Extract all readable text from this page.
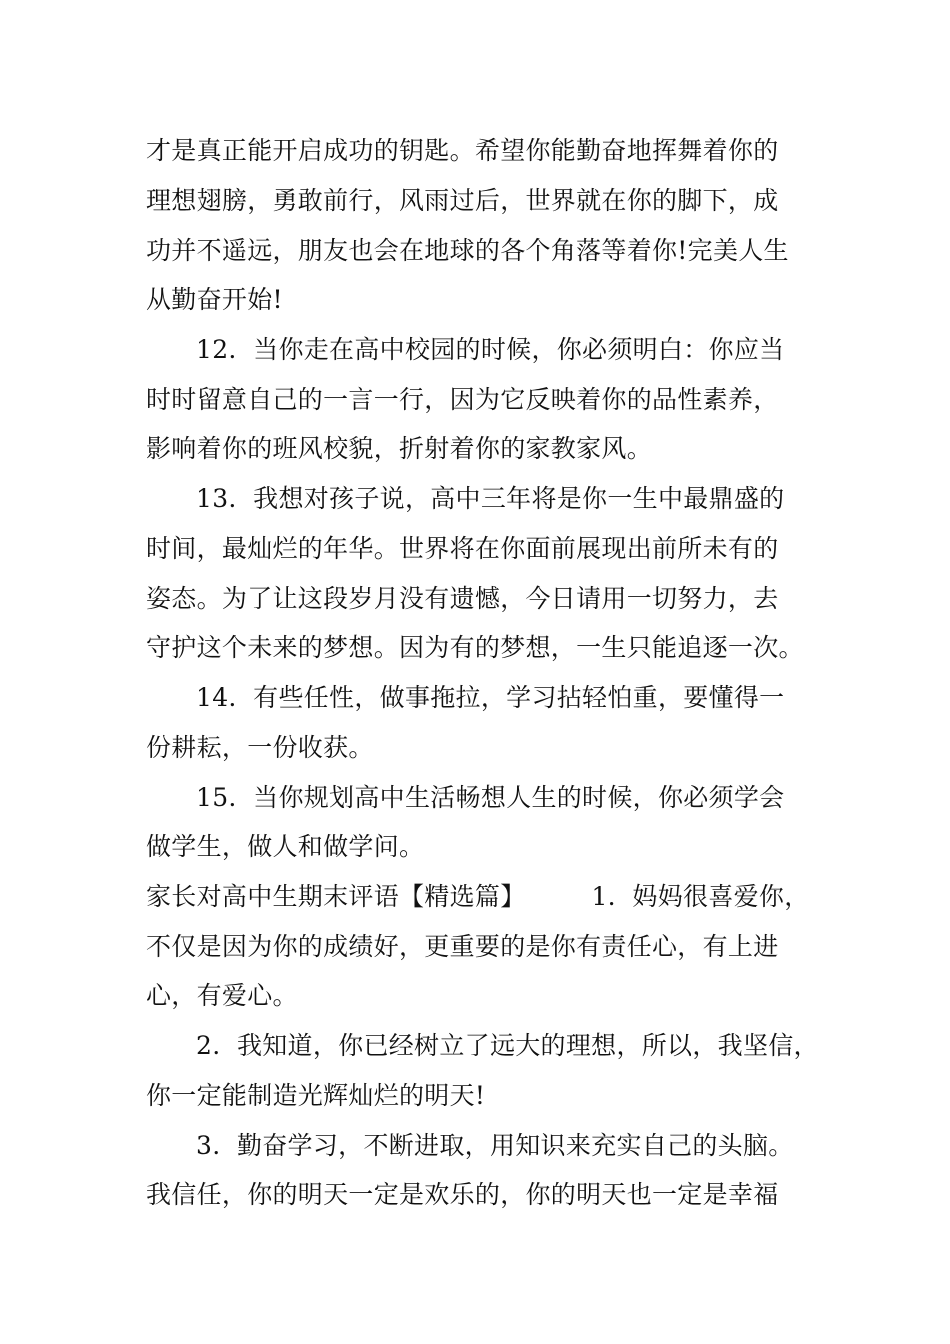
才是真正能开启成功的钥匙。希望你能勤奋地挥舞着你的
理想翅膀，勇敢前行，风雨过后，世界就在你的脚下，成
功并不遥远，朋友也会在地球的各个角落等着你!完美人生
从勤奋开始!
12.  当你走在高中校园的时候，你必须明白：你应当
时时留意自己的一言一行，因为它反映着你的品性素养，
影响着你的班风校貌，折射着你的家教家风。
13.  我想对孩子说，高中三年将是你一生中最鼎盛的
时间，最灿烂的年华。世界将在你面前展现出前所未有的
姿态。为了让这段岁月没有遗憾，今日请用一切努力，去
守护这个未来的梦想。因为有的梦想，一生只能追逐一次。
14.  有些任性，做事拖拉，学习拈轻怕重，要懂得一
份耕耘，一份收获。
15.  当你规划高中生活畅想人生的时候，你必须学会
做学生，做人和做学问。
家长对高中生期末评语【精选篇】        1.  妈妈很喜爱你，
不仅是因为你的成绩好，更重要的是你有责任心，有上进
心，有爱心。
2.  我知道，你已经树立了远大的理想，所以，我坚信，
你一定能制造光辉灿烂的明天!
3.  勤奋学习，不断进取，用知识来充实自己的头脑。
我信任，你的明天一定是欢乐的，你的明天也一定是幸福
